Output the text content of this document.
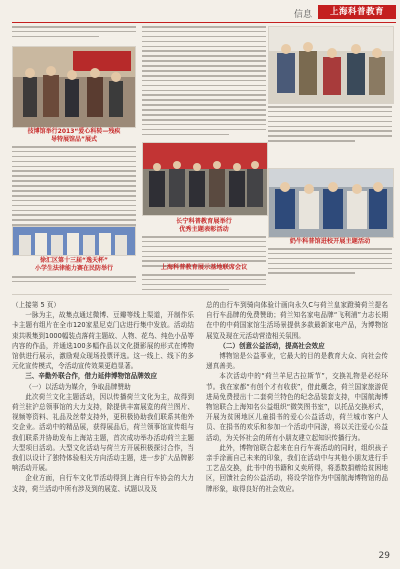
信息	上海科普教育
技博馆举行2013“爱心科转—残疾
导特展馆品”展式
长宁科普教育展举行
优秀主题表彰活动
奶牛科普馆进校开展主题活动
徐汇区第十三届“逸天杯”
小学生法律能力赛在民防举行	上海科普教育展示基地联席会议

（上接第 5 页）

一脉为主，故集点通过微博、豆瓣等线上渠道，开制作乐卡主题有组片在全市120家星尼克门店进行集中发放。活动结束共吸集到1000幅装点落荷主题故、人物、花鸟、纯色小品等内容的作品，并通选100多幅作品以文化摄影展的形式在博物馆供进行展示，激励观众现场投票评选。这一线上、线下的多元化宣传模式，令活动宣传效果更趋显著。

三、辛勤外联合作，借力延伸博物馆品牌效应

（一）以活动为媒介，争取品牌赞助

此次荷兰文化主题活动，因以传播荷兰文化为主，故得到荷兰驻沪总领事馆的大力支持，除提供丰富展览的荷兰图片、视频等资料、礼品及丝带支持外，更积极协助我们联系其他外交企业。活动中的精品展，获得展品后，荷兰领事馆宣传组与我们联系并协助发布上海站主题，首次成功举办活动荷兰主题大型项目活动。大型文化活动与荷兰方开展积极探讨合作，当我们以设计了独特体验相关方向活动主题，进一步扩大品牌影响活动开展。

企业方面，自行车文化节活动得到上海自行车协会的大力支持，荷兰活动中所有涉及到的展览、试题以及及

总的由行车到骑向体验计画向永久C与荷兰皇家蹬骑荷兰提名自行车品牌的免费赞助；荷兰知名家电品牌“飞利浦”力志长期在中的中荷国家馆生活场景提供多款最新家电产品，为博物馆展览及现在元活动营造相关氛围。

（二）创意公益活动，提高社会效应

博物馆是公益事业，它最大的目的是教育大众、向社会传递真善美。

本次活动中的“荷兰羊尼古拉斯节”，交换礼物是必经环节。我在家都“有创个才有收获”，借此概念，荷兰国家旅游促进局免费授出十二套荷兰特色的纪念品装套支持，中国航海博物馆联合上海知名公益组织“微笑图书室”，以托品交换形式，开展为贫困地区儿童捐书的爱心公益活动，荷兰城市客户人员、在捐书的欢乐和参加一个活动中同游，将以关注爱心公益活动，为关怀社会的所有小朋友建立起知识传播行为。

此外，博物馆联合起来在自行车赛活动的同时，组织孩子亲手涂画自己未来的印象，我们在活动中与其他小朋友进行手工艺品交换，此书中的书籍和义卖所得，将悉数捐赠给贫困地区，回馈社会的公益活动，将设学馆作为中国航海博物馆的品牌形象，取得良好的社会效应。

29
